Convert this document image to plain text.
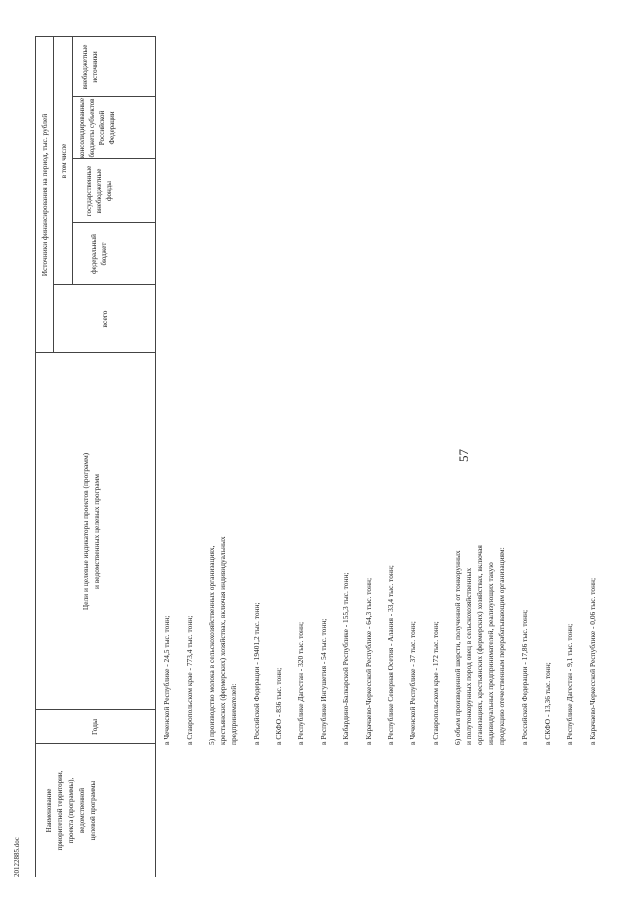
57
20122885.doc
Наименование
приоритетной территории,
проекта (программы),
ведомственной
целевой программы
Годы
Цели и целевые индикаторы проектов (программ)
и ведомственных целевых программ
Источники финансирования на период, тыс. рублей
всего
в том числе
федеральный
бюджет
государственные
внебюджетные
фонды
консолидированные
бюджеты субъектов
Российской
Федерации
внебюджетные
источники
в Чеченской Республике - 24,5 тыс. тонн; в Ставропольском крае - 773,4 тыс. тонн; 5) производство молока в сельскохозяйственных организациях, крестьянских (фермерских) хозяйствах, включая индивидуальных предпринимателей: в Российской Федерации - 19401,2 тыс. тонн; в СКФО - 836 тыс. тонн; в Республике Дагестан - 320 тыс. тонн; в Республике Ингушетия - 54 тыс. тонн; в Кабардино-Балкарской Республике - 155,3 тыс. тонн; в Карачаево-Черкесской Республике - 64,3 тыс. тонн; в Республике Северная Осетия - Алания - 33,4 тыс. тонн; в Чеченской Республике - 37 тыс. тонн; в Ставропольском крае - 172 тыс. тонн; 6) объем произведенной шерсти, полученной от тонкорунных и полутонкорунных пород овец в сельскохозяйственных организациях, крестьянских (фермерских) хозяйствах, включая индивидуальных предпринимателей, реализующих такую продукцию отечественным перерабатывающим организациям: в Российской Федерации - 17,86 тыс. тонн; в СКФО - 13,36 тыс. тонн; в Республике Дагестан - 9,1 тыс. тонн; в Карачаево-Черкесской Республике - 0,06 тыс. тонн;
